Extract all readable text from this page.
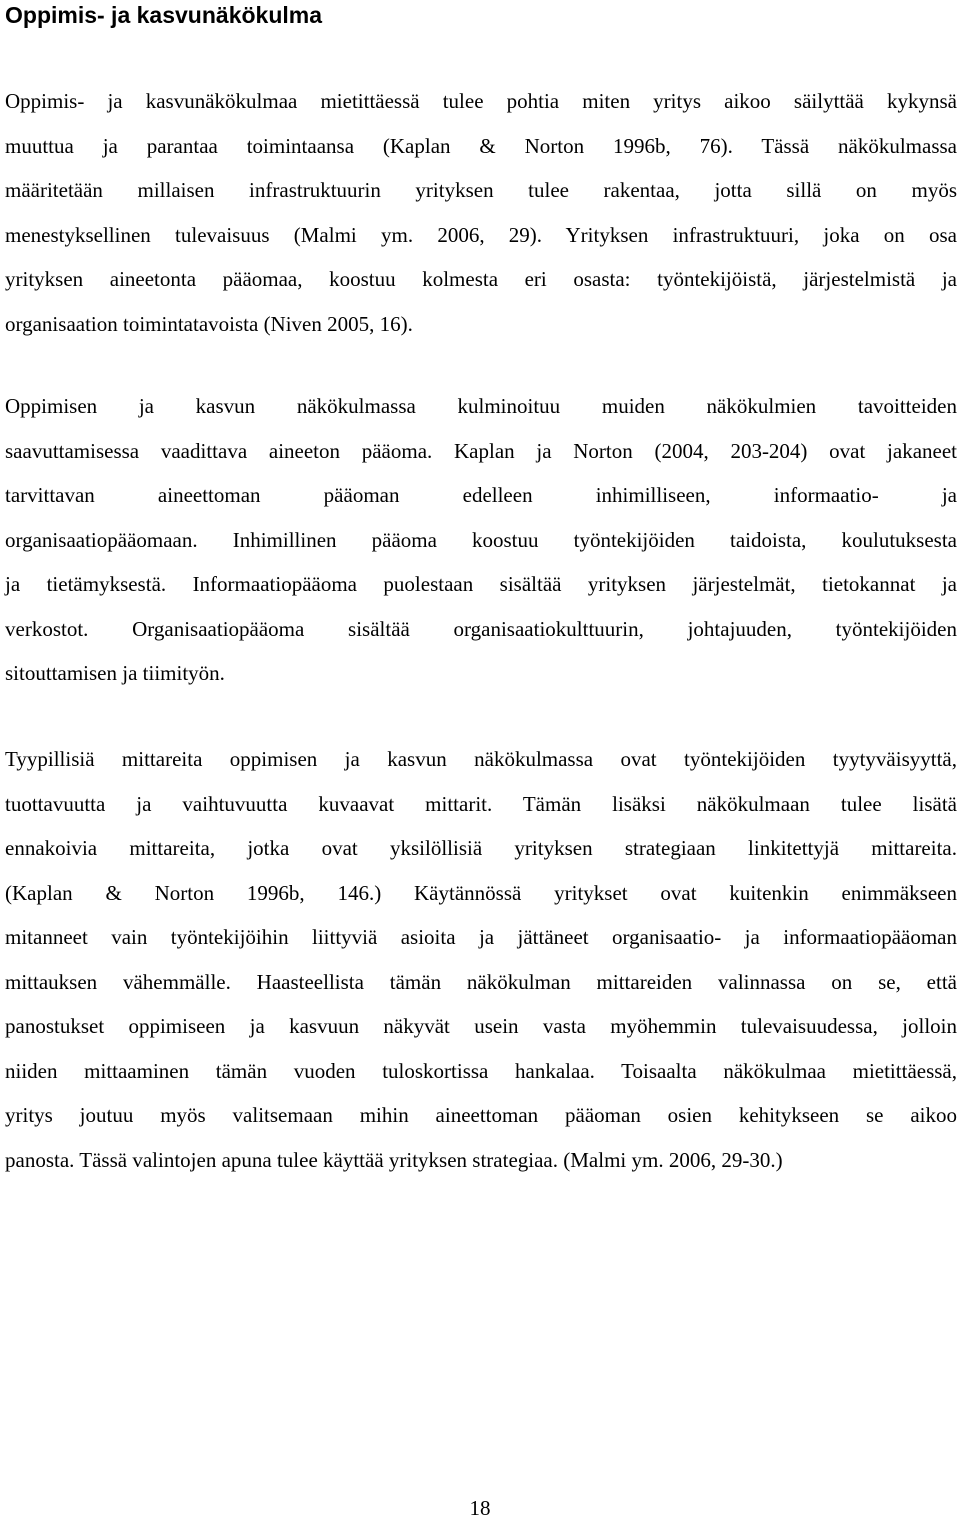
Oppimis- ja kasvunäkökulma

Oppimis- ja kasvunäkökulmaa mietittäessä tulee pohtia miten yritys aikoo säilyttää kykynsä
muuttua ja parantaa toimintaansa (Kaplan & Norton 1996b, 76). Tässä näkökulmassa
määritetään millaisen infrastruktuurin yrityksen tulee rakentaa, jotta sillä on myös
menestyksellinen tulevaisuus (Malmi ym. 2006, 29). Yrityksen infrastruktuuri, joka on osa
yrityksen aineetonta pääomaa, koostuu kolmesta eri osasta: työntekijöistä, järjestelmistä ja
organisaation toimintatavoista (Niven 2005, 16).

Oppimisen ja kasvun näkökulmassa kulminoituu muiden näkökulmien tavoitteiden
saavuttamisessa vaadittava aineeton pääoma. Kaplan ja Norton (2004, 203-204) ovat jakaneet
tarvittavan aineettoman pääoman edelleen inhimilliseen, informaatio- ja
organisaatiopääomaan. Inhimillinen pääoma koostuu työntekijöiden taidoista, koulutuksesta
ja tietämyksestä. Informaatiopääoma puolestaan sisältää yrityksen järjestelmät, tietokannat ja
verkostot. Organisaatiopääoma sisältää organisaatiokulttuurin, johtajuuden, työntekijöiden
sitouttamisen ja tiimityön.

Tyypillisiä mittareita oppimisen ja kasvun näkökulmassa ovat työntekijöiden tyytyväisyyttä,
tuottavuutta ja vaihtuvuutta kuvaavat mittarit. Tämän lisäksi näkökulmaan tulee lisätä
ennakoivia mittareita, jotka ovat yksilöllisiä yrityksen strategiaan linkitettyjä mittareita.
(Kaplan & Norton 1996b, 146.) Käytännössä yritykset ovat kuitenkin enimmäkseen
mitanneet vain työntekijöihin liittyviä asioita ja jättäneet organisaatio- ja informaatiopääoman
mittauksen vähemmälle. Haasteellista tämän näkökulman mittareiden valinnassa on se, että
panostukset oppimiseen ja kasvuun näkyvät usein vasta myöhemmin tulevaisuudessa, jolloin
niiden mittaaminen tämän vuoden tuloskortissa hankalaa. Toisaalta näkökulmaa mietittäessä,
yritys joutuu myös valitsemaan mihin aineettoman pääoman osien kehitykseen se aikoo
panosta. Tässä valintojen apuna tulee käyttää yrityksen strategiaa. (Malmi ym. 2006, 29-30.)

18
